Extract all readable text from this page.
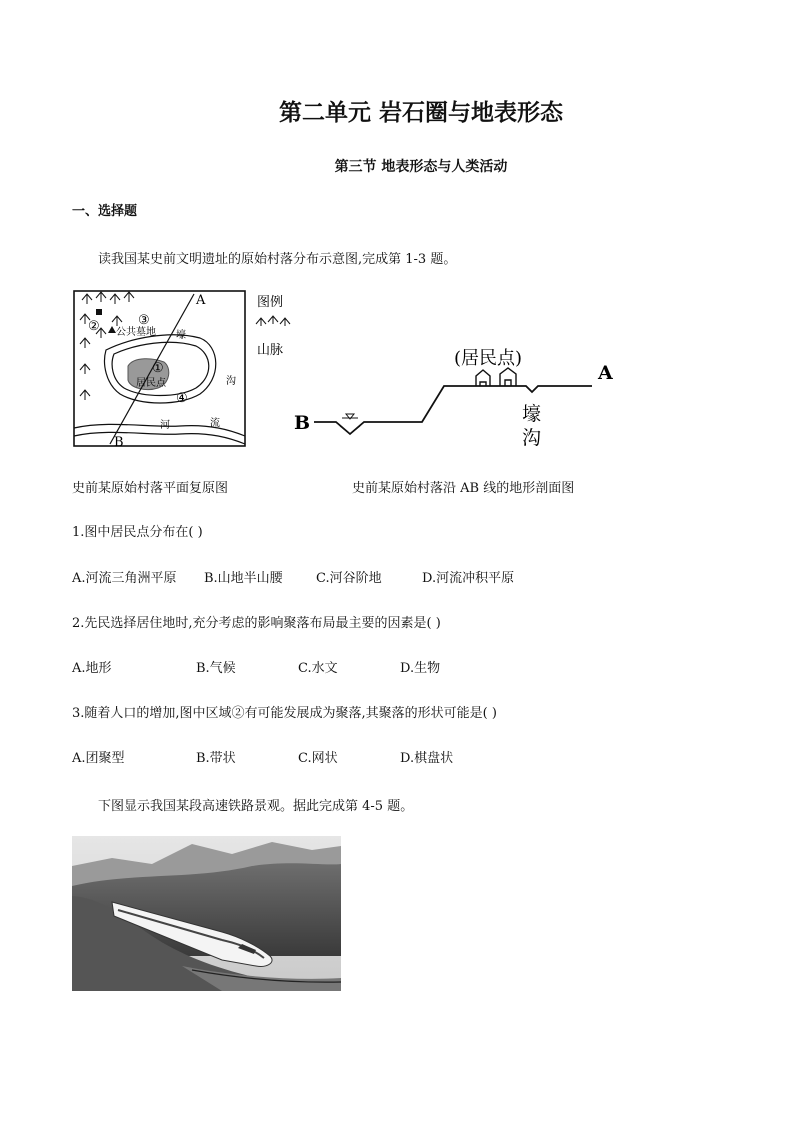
第二单元 岩石圈与地表形态
第三节 地表形态与人类活动
一、选择题
读我国某史前文明遗址的原始村落分布示意图,完成第 1-3 题。
A
B
公共墓地
居民点
壕
沟
河	流
①
②	③
④
图例
山脉	(居民点)
B
A
壕
沟
史前某原始村落平面复原图	史前某原始村落沿 AB 线的地形剖面图
1.图中居民点分布在( )
A.河流三角洲平原 B.山地半山腰	C.河谷阶地	D.河流冲积平原
2.先民选择居住地时,充分考虑的影响聚落布局最主要的因素是( )
A.地形	B.气候	C.水文	D.生物
3.随着人口的增加,图中区域②有可能发展成为聚落,其聚落的形状可能是( )
A.团聚型	B.带状	C.网状	D.棋盘状
下图显示我国某段高速铁路景观。据此完成第 4-5 题。
